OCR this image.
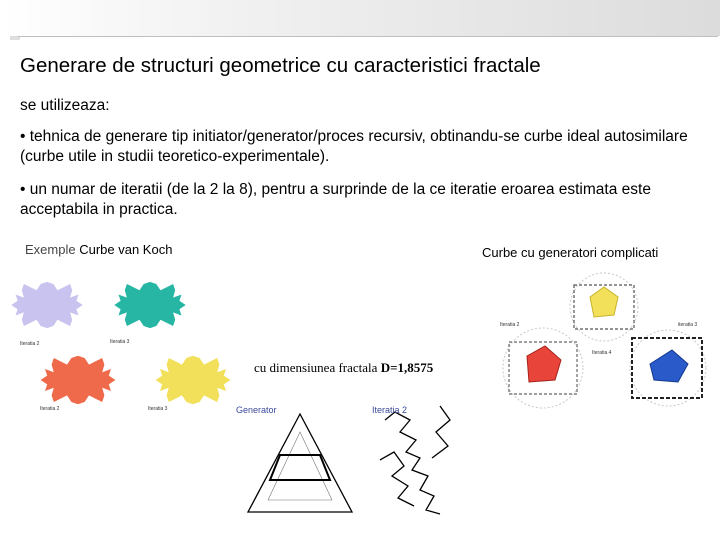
Generare de structuri geometrice cu caracteristici fractale
se utilizeaza:
• tehnica de generare tip initiator/generator/proces recursiv, obtinandu-se curbe ideal autosimilare (curbe utile in studii teoretico-experimentale).
• un numar de iteratii (de la 2 la 8), pentru a surprinde de la ce iteratie eroarea estimata este acceptabila in practica.
Exemple Curbe van Koch	Curbe cu generatori complicati
Iteratia 2	Iteratia 3
Iteratia 2	Iteratia 3
Iteratia 2	iteratia 3
Iteratia 4
Generator	Iteratia 2
cu dimensiunea fractala D=1,8575
